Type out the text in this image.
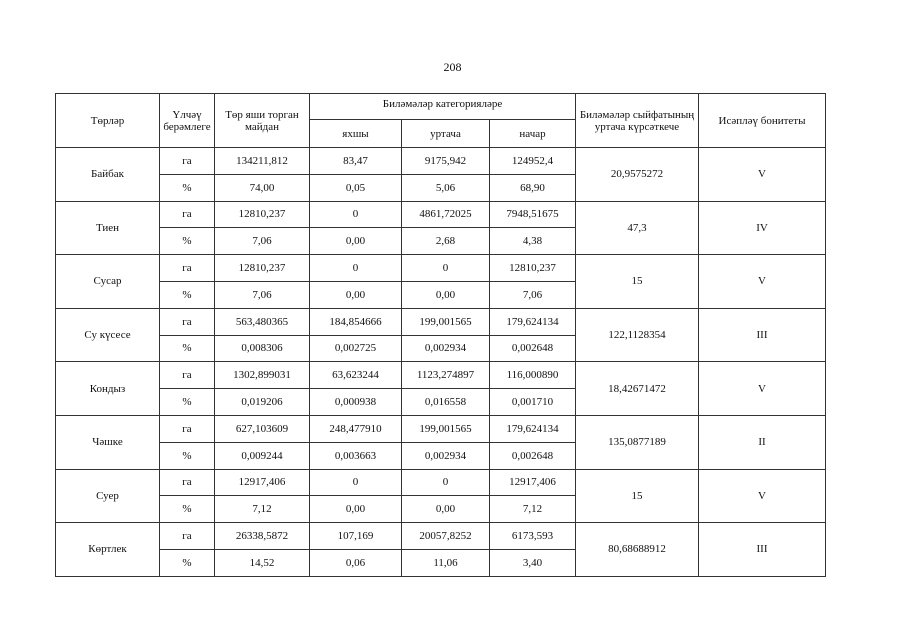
208
Төрләр	Үлчәү берәмлеге	Төр яши торган майдан	Биләмәләр категорияләре			Биләмәләр сыйфатының уртача күрсәткече	Исәпләү бонитеты
			яхшы	уртача	начар		
Байбак	га	134211,812	83,47	9175,942	124952,4	20,9575272	V
	%	74,00	0,05	5,06	68,90		
Тиен	га	12810,237	0	4861,72025	7948,51675	47,3	IV
	%	7,06	0,00	2,68	4,38		
Сусар	га	12810,237	0	0	12810,237	15	V
	%	7,06	0,00	0,00	7,06		
Су күсесе	га	563,480365	184,854666	199,001565	179,624134	122,1128354	III
	%	0,008306	0,002725	0,002934	0,002648		
Кондыз	га	1302,899031	63,623244	1123,274897	116,000890	18,42671472	V
	%	0,019206	0,000938	0,016558	0,001710		
Чәшке	га	627,103609	248,477910	199,001565	179,624134	135,0877189	II
	%	0,009244	0,003663	0,002934	0,002648		
Суер	га	12917,406	0	0	12917,406	15	V
	%	7,12	0,00	0,00	7,12		
Көртлек	га	26338,5872	107,169	20057,8252	6173,593	80,68688912	III
	%	14,52	0,06	11,06	3,40		
